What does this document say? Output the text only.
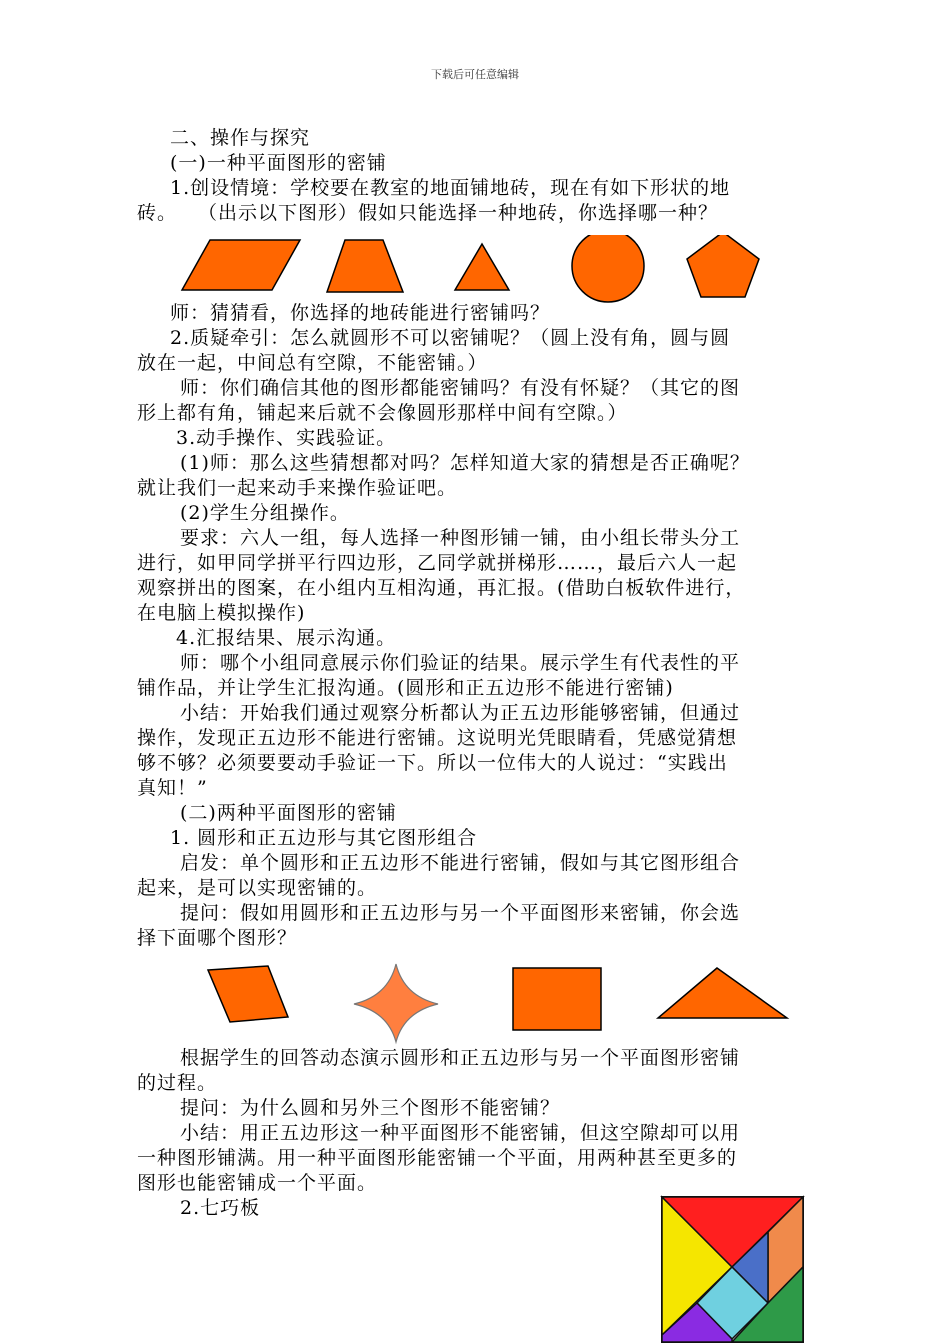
下载后可任意编辑
二、操作与探究
(一)一种平面图形的密铺
1.创设情境：学校要在教室的地面铺地砖，现在有如下形状的地
砖。　　（出示以下图形）假如只能选择一种地砖，你选择哪一种？
师：猜猜看，你选择的地砖能进行密铺吗？
2.质疑牵引：怎么就圆形不可以密铺呢？（圆上没有角，圆与圆
放在一起，中间总有空隙，不能密铺。）
师：你们确信其他的图形都能密铺吗？有没有怀疑？（其它的图
形上都有角，铺起来后就不会像圆形那样中间有空隙。）
3.动手操作、实践验证。
(1)师：那么这些猜想都对吗？怎样知道大家的猜想是否正确呢？
就让我们一起来动手来操作验证吧。
(2)学生分组操作。
要求：六人一组，每人选择一种图形铺一铺，由小组长带头分工
进行，如甲同学拼平行四边形，乙同学就拼梯形……，最后六人一起
观察拼出的图案，在小组内互相沟通，再汇报。(借助白板软件进行，
在电脑上模拟操作)
4.汇报结果、展示沟通。
师：哪个小组同意展示你们验证的结果。展示学生有代表性的平
铺作品，并让学生汇报沟通。(圆形和正五边形不能进行密铺)
小结：开始我们通过观察分析都认为正五边形能够密铺，但通过
操作，发现正五边形不能进行密铺。这说明光凭眼睛看，凭感觉猜想
够不够？必须要要动手验证一下。所以一位伟大的人说过：“实践出
真知！”
(二)两种平面图形的密铺
1. 圆形和正五边形与其它图形组合
启发：单个圆形和正五边形不能进行密铺，假如与其它图形组合
起来，是可以实现密铺的。
提问：假如用圆形和正五边形与另一个平面图形来密铺，你会选
择下面哪个图形？
根据学生的回答动态演示圆形和正五边形与另一个平面图形密铺
的过程。
提问：为什么圆和另外三个图形不能密铺？
小结：用正五边形这一种平面图形不能密铺，但这空隙却可以用
一种图形铺满。用一种平面图形能密铺一个平面，用两种甚至更多的
图形也能密铺成一个平面。
2.七巧板
